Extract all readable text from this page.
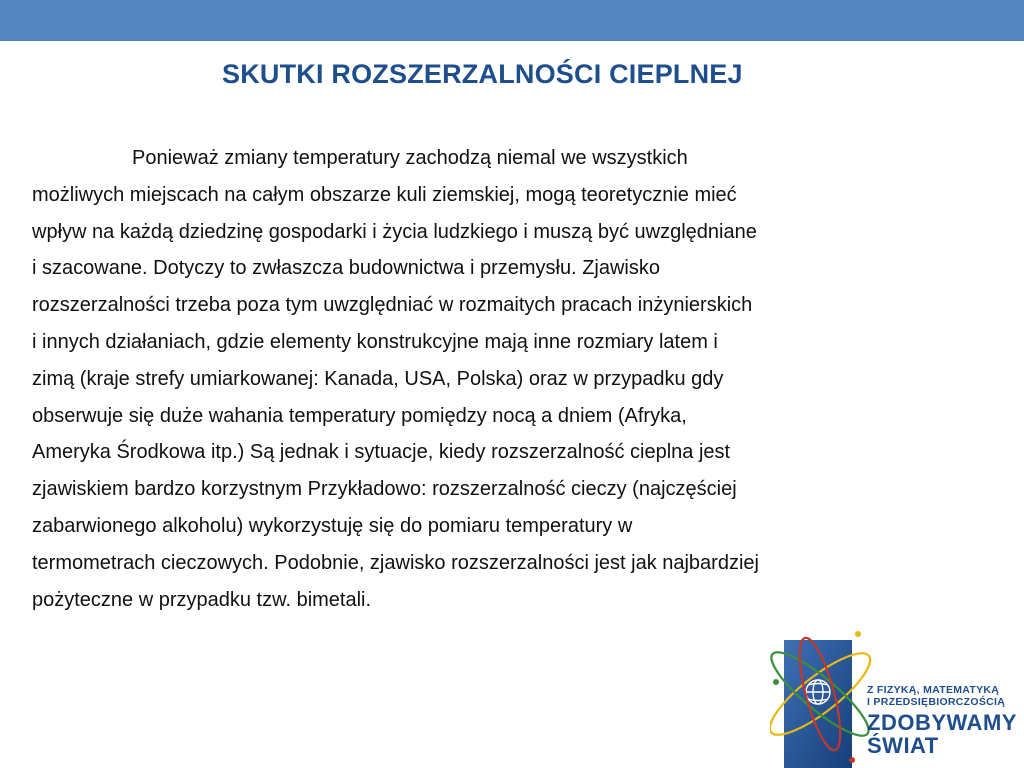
SKUTKI ROZSZERZALNOŚCI CIEPLNEJ
Ponieważ zmiany temperatury zachodzą niemal we wszystkich
możliwych miejscach na całym obszarze kuli ziemskiej, mogą teoretycznie mieć
wpływ na każdą dziedzinę gospodarki i życia ludzkiego i muszą być uwzględniane
i szacowane. Dotyczy to zwłaszcza budownictwa i przemysłu. Zjawisko
rozszerzalności trzeba poza tym uwzględniać w rozmaitych pracach inżynierskich
i innych działaniach, gdzie elementy konstrukcyjne mają inne rozmiary latem i
zimą (kraje strefy umiarkowanej: Kanada, USA, Polska) oraz w przypadku gdy
obserwuje się duże wahania temperatury pomiędzy nocą a dniem (Afryka,
Ameryka Środkowa itp.) Są jednak i sytuacje, kiedy rozszerzalność cieplna jest
zjawiskiem bardzo korzystnym Przykładowo: rozszerzalność cieczy (najczęściej
zabarwionego alkoholu) wykorzystuję się do pomiaru temperatury w
termometrach cieczowych. Podobnie, zjawisko rozszerzalności jest jak najbardziej
pożyteczne w przypadku tzw. bimetali.
Z FIZYKĄ, MATEMATYKĄ
I PRZEDSIĘBIORCZOŚCIĄ
ZDOBYWAMY
ŚWIAT
